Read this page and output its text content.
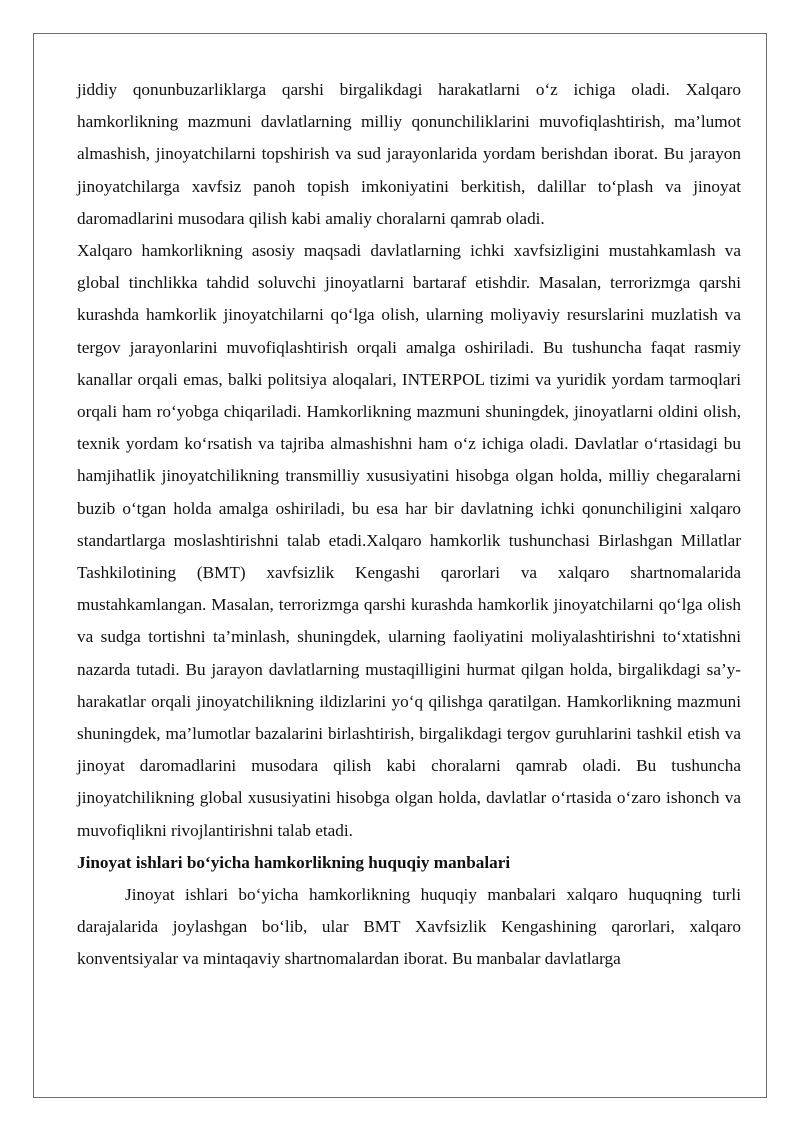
jiddiy qonunbuzarliklarga qarshi birgalikdagi harakatlarni o‘z ichiga oladi. Xalqaro hamkorlikning mazmuni davlatlarning milliy qonunchiliklarini muvofiqlashtirish, ma’lumot almashish, jinoyatchilarni topshirish va sud jarayonlarida yordam berishdan iborat. Bu jarayon jinoyatchilarga xavfsiz panoh topish imkoniyatini berkitish, dalillar to‘plash va jinoyat daromadlarini musodara qilish kabi amaliy choralarni qamrab oladi.

Xalqaro hamkorlikning asosiy maqsadi davlatlarning ichki xavfsizligini mustahkamlash va global tinchlikka tahdid soluvchi jinoyatlarni bartaraf etishdir. Masalan, terrorizmga qarshi kurashda hamkorlik jinoyatchilarni qo‘lga olish, ularning moliyaviy resurslarini muzlatish va tergov jarayonlarini muvofiqlashtirish orqali amalga oshiriladi. Bu tushuncha faqat rasmiy kanallar orqali emas, balki politsiya aloqalari, INTERPOL tizimi va yuridik yordam tarmoqlari orqali ham ro‘yobga chiqariladi. Hamkorlikning mazmuni shuningdek, jinoyatlarni oldini olish, texnik yordam ko‘rsatish va tajriba almashishni ham o‘z ichiga oladi. Davlatlar o‘rtasidagi bu hamjihatlik jinoyatchilikning transmilliy xususiyatini hisobga olgan holda, milliy chegaralarni buzib o‘tgan holda amalga oshiriladi, bu esa har bir davlatning ichki qonunchiligini xalqaro standartlarga moslashtirishni talab etadi.Xalqaro hamkorlik tushunchasi Birlashgan Millatlar Tashkilotining (BMT) xavfsizlik Kengashi qarorlari va xalqaro shartnomalarida mustahkamlangan. Masalan, terrorizmga qarshi kurashda hamkorlik jinoyatchilarni qo‘lga olish va sudga tortishni ta’minlash, shuningdek, ularning faoliyatini moliyalashtirishni to‘xtatishni nazarda tutadi. Bu jarayon davlatlarning mustaqilligini hurmat qilgan holda, birgalikdagi sa’y-harakatlar orqali jinoyatchilikning ildizlarini yo‘q qilishga qaratilgan. Hamkorlikning mazmuni shuningdek, ma’lumotlar bazalarini birlashtirish, birgalikdagi tergov guruhlarini tashkil etish va jinoyat daromadlarini musodara qilish kabi choralarni qamrab oladi. Bu tushuncha jinoyatchilikning global xususiyatini hisobga olgan holda, davlatlar o‘rtasida o‘zaro ishonch va muvofiqlikni rivojlantirishni talab etadi.

Jinoyat ishlari bo‘yicha hamkorlikning huquqiy manbalari

Jinoyat ishlari bo‘yicha hamkorlikning huquqiy manbalari xalqaro huquqning turli darajalarida joylashgan bo‘lib, ular BMT Xavfsizlik Kengashining qarorlari, xalqaro konventsiyalar va mintaqaviy shartnomalardan iborat. Bu manbalar davlatlarga
